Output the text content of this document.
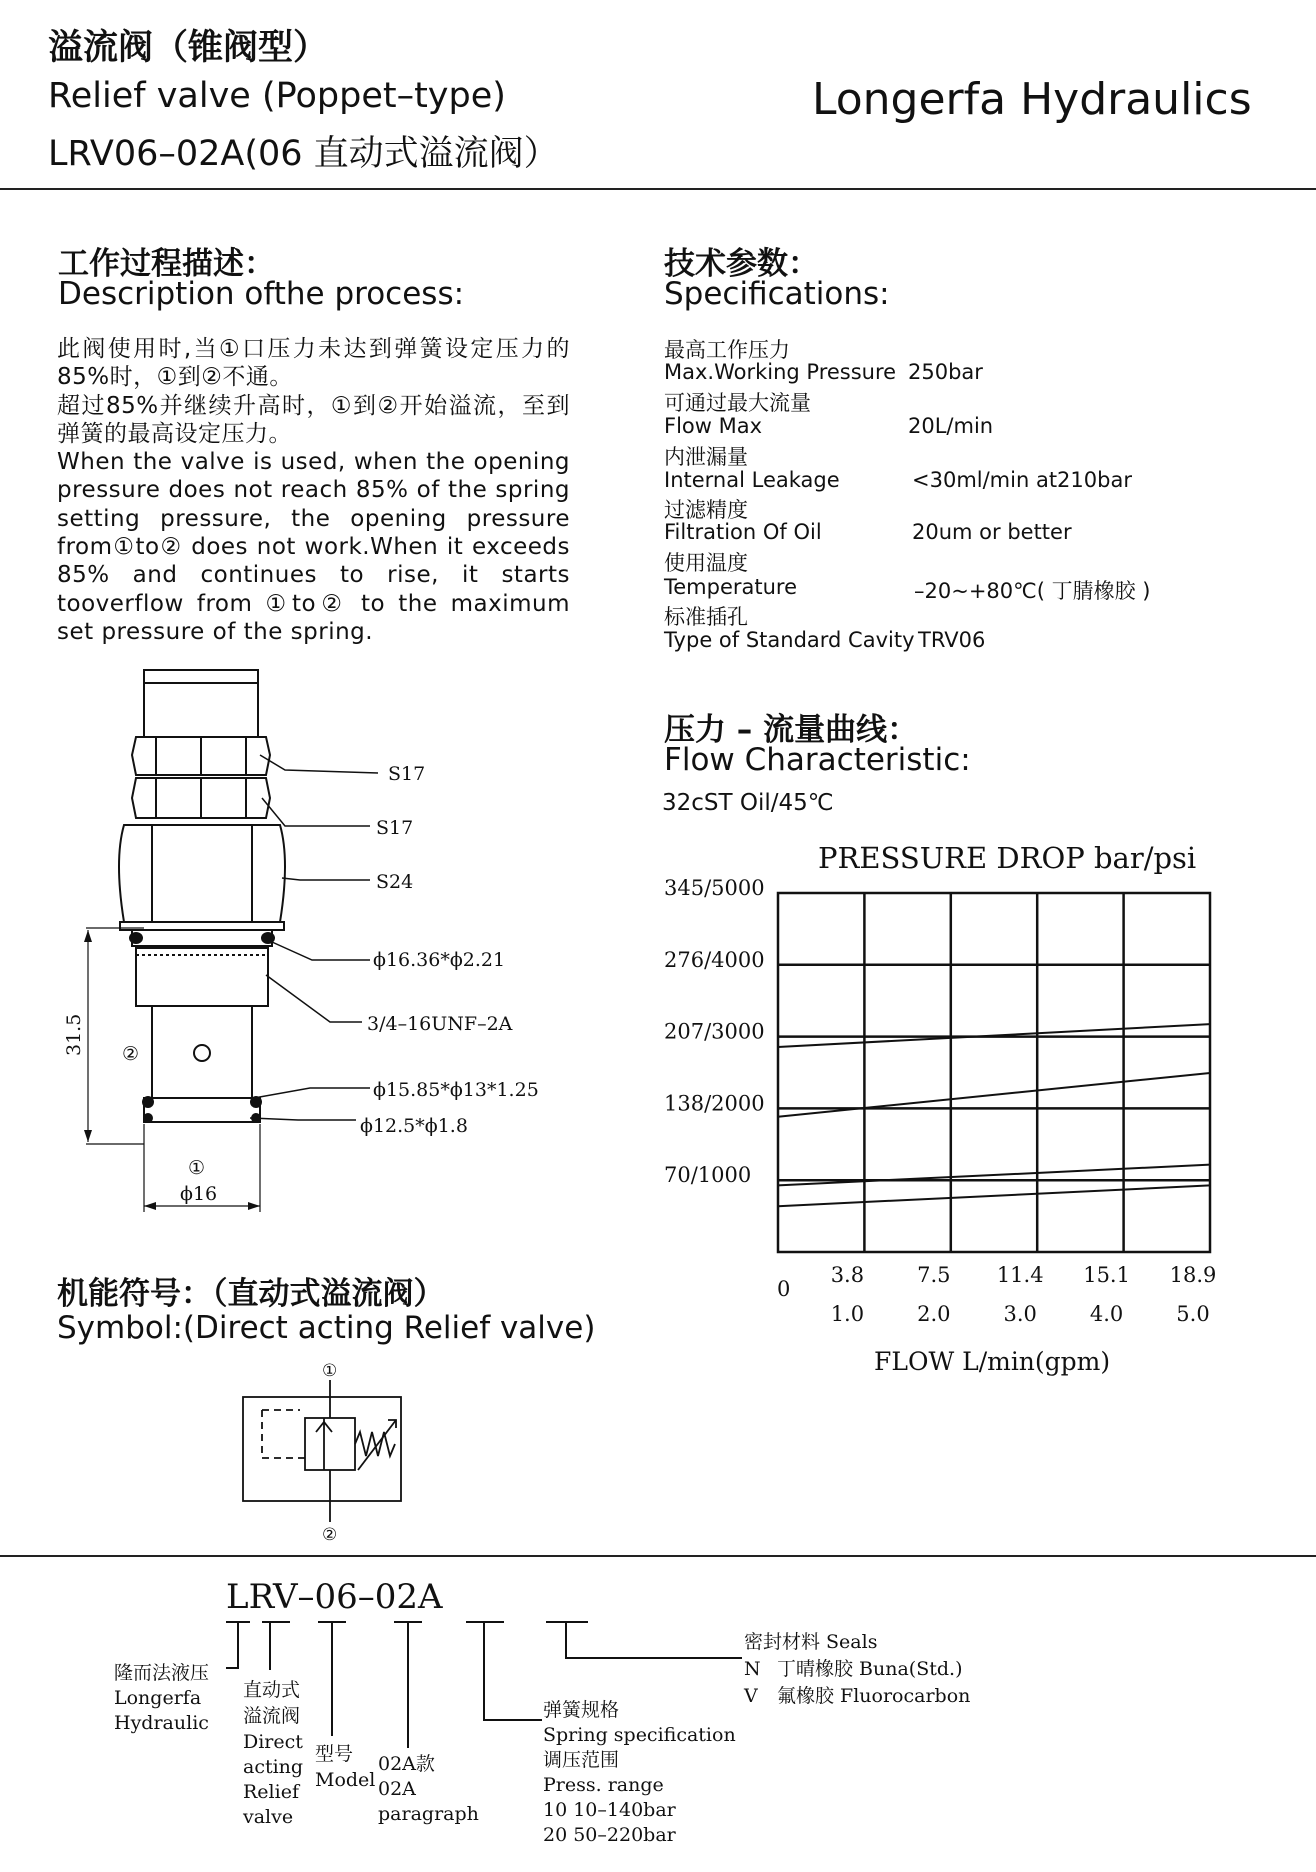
溢流阀（锥阀型）
Relief valve (Poppet–type)
LRV06–02A(06 直动式溢流阀）
Longerfa Hydraulics
工作过程描述：
Description ofthe process:

此阀使用时,当①口压力未达到弹簧设定压力的85%时，①到②不通。

超过85%并继续升高时，①到②开始溢流，至到弹簧的最高设定压力。

When the valve is used, when the opening pressure does not reach 85% of the spring setting pressure, the opening pressure from①to② does not work.When it exceeds 85% and continues to rise, it starts tooverflow from ①to② to the maximum set pressure of the spring.

技术参数：
Specifications:
最高工作压力
Max.Working Pressure 250bar
可通过最大流量
Flow Max	20L/min
内泄漏量
Internal Leakage	<30ml/min at210bar
过滤精度
Filtration Of Oil	20um or better
使用温度
Temperature	–20~+80℃( 丁腈橡胶 )
标准插孔
Type of Standard Cavity TRV06
压力 – 流量曲线：
Flow Characteristic:
32cST Oil/45℃
S17
S17
S24
ϕ16.36*ϕ2.21
3/4–16UNF–2A
ϕ15.85*ϕ13*1.25
ϕ12.5*ϕ1.8
31.5 ②
①
ϕ16
PRESSURE DROP bar/psi
70/1000
138/2000
207/3000
276/4000
345/5000
3.8
1.0
7.5
2.0
11.4
3.0
15.1
4.0
18.9
5.0
0
FLOW L/min(gpm)
机能符号：（直动式溢流阀）
Symbol:(Direct acting Relief valve)
①
②
LRV–06–02A
隆而法液压
Longerfa
Hydraulic
直动式
溢流阀
Direct
acting
Relief
valve
型号
Model
02A款
02A
paragraph
弹簧规格
Spring specification
调压范围
Press. range
10 10–140bar
20 50–220bar
密封材料 Seals
N 丁晴橡胶 Buna(Std.)
V 氟橡胶 Fluorocarbon
